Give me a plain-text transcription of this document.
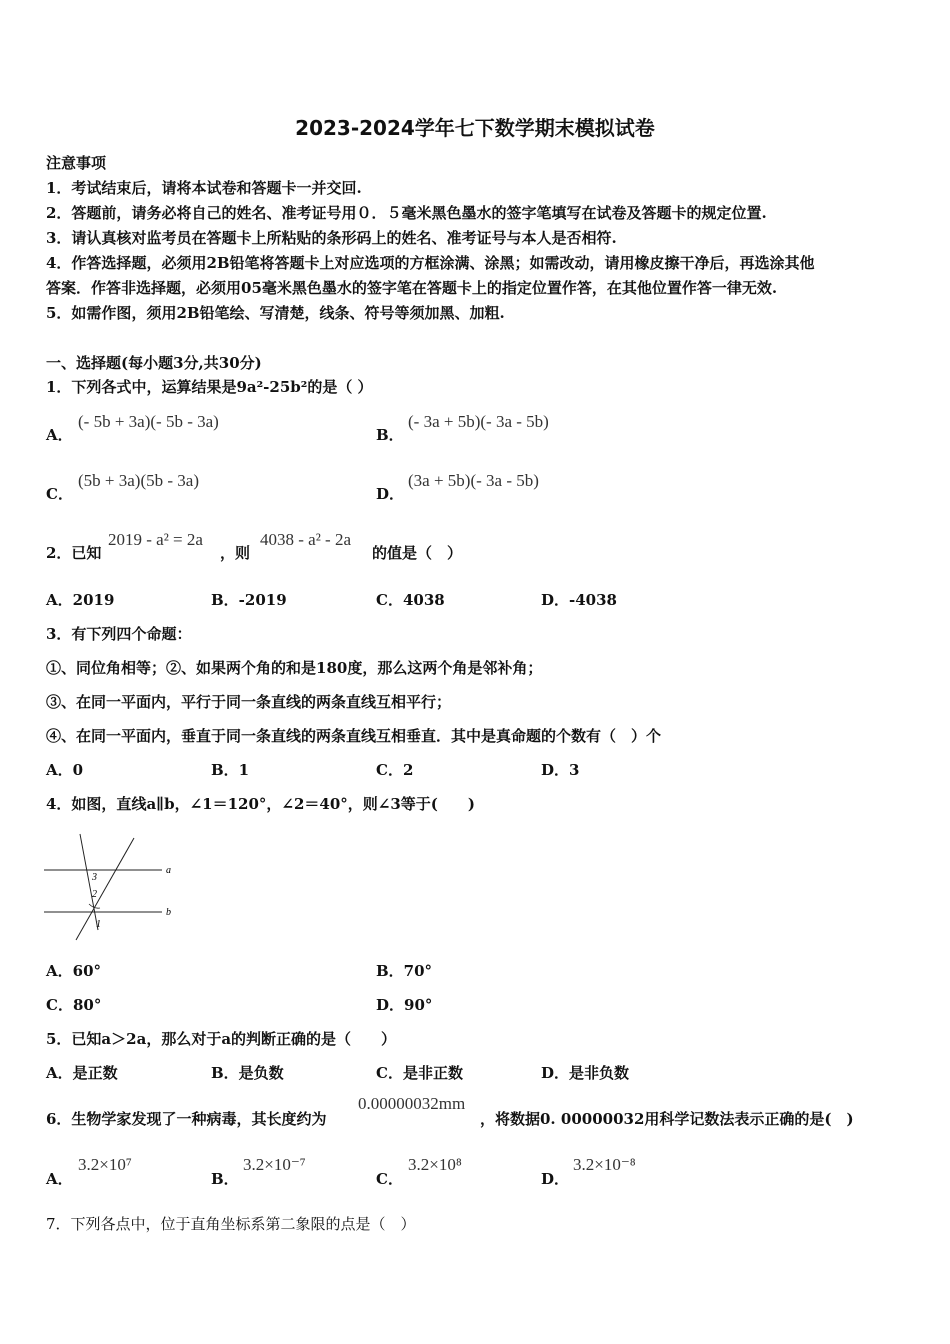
2023-2024学年七下数学期末模拟试卷
注意事项
1．考试结束后，请将本试卷和答题卡一并交回.
2．答题前，请务必将自己的姓名、准考证号用０．５毫米黑色墨水的签字笔填写在试卷及答题卡的规定位置.
3．请认真核对监考员在答题卡上所粘贴的条形码上的姓名、准考证号与本人是否相符.
4．作答选择题，必须用2B铅笔将答题卡上对应选项的方框涂满、涂黑；如需改动，请用橡皮擦干净后，再选涂其他
答案．作答非选择题，必须用05毫米黑色墨水的签字笔在答题卡上的指定位置作答，在其他位置作答一律无效.
5．如需作图，须用2B铅笔绘、写清楚，线条、符号等须加黑、加粗.
一、选择题(每小题3分,共30分)
1．下列各式中，运算结果是9a²-25b²的是（ ）
A．
(- 5b + 3a)(- 5b - 3a)
B．
(- 3a + 5b)(- 3a - 5b)
C．
(5b + 3a)(5b - 3a)
D．
(3a + 5b)(- 3a - 5b)
2．已知
2019 - a² = 2a
，则
4038 - a² - 2a
的值是（　）
A．2019	B．-2019	C．4038	D．-4038
3．有下列四个命题：
①、同位角相等；②、如果两个角的和是180度，那么这两个角是邻补角；
③、在同一平面内，平行于同一条直线的两条直线互相平行；
④、在同一平面内，垂直于同一条直线的两条直线互相垂直．其中是真命题的个数有（　）个
A．0	B．1	C．2	D．3
4．如图，直线a∥b，∠1＝120°，∠2＝40°，则∠3等于(　　)
a
b
3
2
1
A．60°	B．70°
C．80°	D．90°
5．已知a＞2a，那么对于a的判断正确的是（　　）
A．是正数	B．是负数	C．是非正数	D．是非负数
6．生物学家发现了一种病毒，其长度约为
0.00000032mm
，将数据0. 00000032用科学记数法表示正确的是(　)
A．
3.2×10⁷
B．
3.2×10⁻⁷
C．
3.2×10⁸
D．
3.2×10⁻⁸
7．下列各点中，位于直角坐标系第二象限的点是（　）
